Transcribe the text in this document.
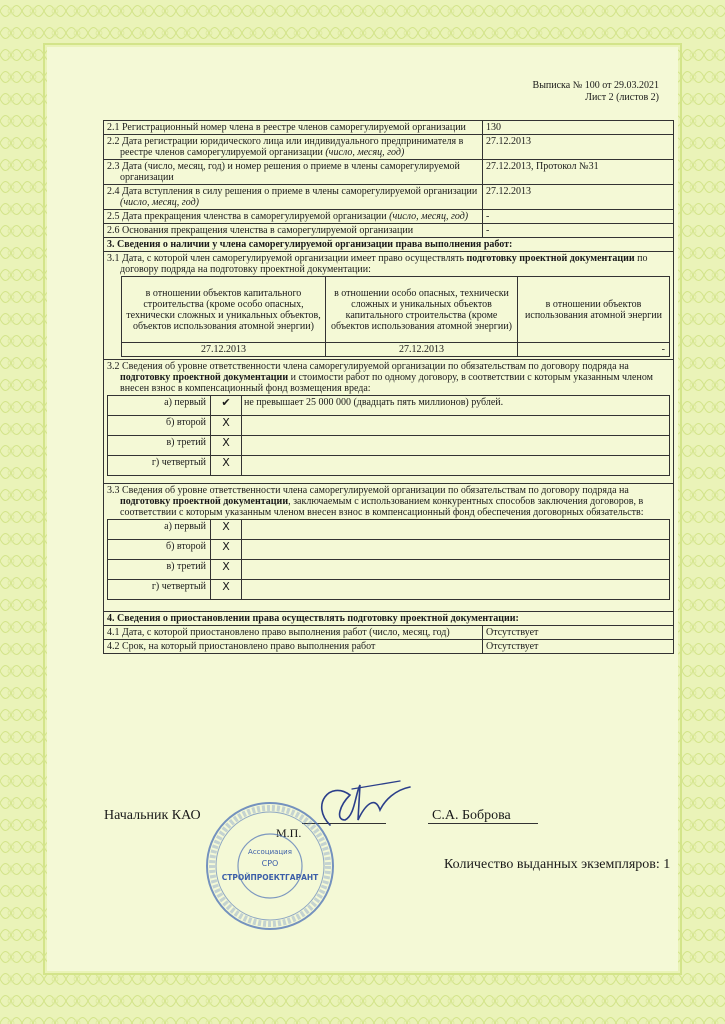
Выписка № 100 от 29.03.2021
Лист 2 (листов 2)
2.1 Регистрационный номер члена в реестре членов саморегулируемой организации	130
2.2 Дата регистрации юридического лица или индивидуального предпринимателя в реестре членов саморегулируемой организации (число, месяц, год)	27.12.2013
2.3 Дата (число, месяц, год) и номер решения о приеме в члены саморегулируемой организации	27.12.2013, Протокол №31
2.4 Дата вступления в силу решения о приеме в члены саморегулируемой организации (число, месяц, год)	27.12.2013
2.5 Дата прекращения членства в саморегулируемой организации (число, месяц, год)	-
2.6 Основания прекращения членства в саморегулируемой организации	-
3. Сведения о наличии у члена саморегулируемой организации права выполнения работ:

3.1 Дата, с которой член саморегулируемой организации имеет право осуществлять подготовку проектной документации по договору подряда на подготовку проектной документации:
в отношении объектов капитального строительства (кроме особо опасных, технически сложных и уникальных объектов, объектов использования атомной энергии)	в отношении особо опасных, технически сложных и уникальных объектов капитального строительства (кроме объектов использования атомной энергии)	в отношении объектов использования атомной энергии
27.12.2013	27.12.2013	-

3.2 Сведения об уровне ответственности члена саморегулируемой организации по обязательствам по договору подряда на подготовку проектной документации и стоимости работ по одному договору, в соответствии с которым указанным членом внесен взнос в компенсационный фонд возмещения вреда:
а) первый	✔	не превышает 25 000 000 (двадцать пять миллионов) рублей.
б) второй	X	
в) третий	X	
г) четвертый	X	

3.3 Сведения об уровне ответственности члена саморегулируемой организации по обязательствам по договору подряда на подготовку проектной документации, заключаемым с использованием конкурентных способов заключения договоров, в соответствии с которым указанным членом внесен взнос в компенсационный фонд обеспечения договорных обязательств:
а) первый	X	
б) второй	X	
в) третий	X	
г) четвертый	X	

4. Сведения о приостановлении права осуществлять подготовку проектной документации:
4.1 Дата, с которой приостановлено право выполнения работ (число, месяц, год)	Отсутствует
4.2 Срок, на который приостановлено право выполнения работ	Отсутствует
Начальник КАО	С.А. Боброва
М.П.
Количество выданных экземпляров: 1
Ассоциация
СРО
СТРОЙПРОЕКТГАРАНТ
